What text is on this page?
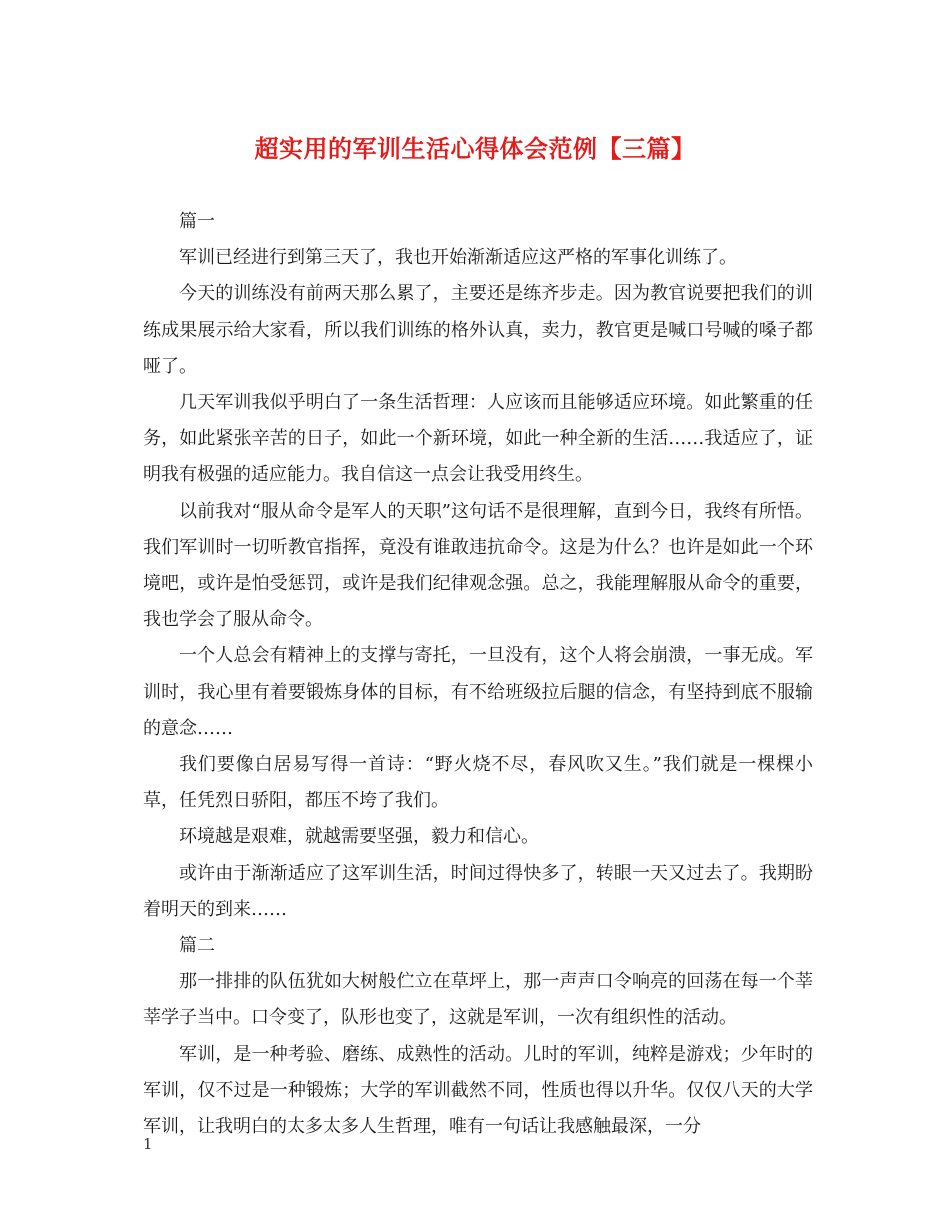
超实用的军训生活心得体会范例【三篇】

篇一

军训已经进行到第三天了，我也开始渐渐适应这严格的军事化训练了。

今天的训练没有前两天那么累了，主要还是练齐步走。因为教官说要把我们的训练成果展示给大家看，所以我们训练的格外认真，卖力，教官更是喊口号喊的嗓子都哑了。

几天军训我似乎明白了一条生活哲理：人应该而且能够适应环境。如此繁重的任务，如此紧张辛苦的日子，如此一个新环境，如此一种全新的生活……我适应了，证明我有极强的适应能力。我自信这一点会让我受用终生。

以前我对“服从命令是军人的天职”这句话不是很理解，直到今日，我终有所悟。我们军训时一切听教官指挥，竟没有谁敢违抗命令。这是为什么？也许是如此一个环境吧，或许是怕受惩罚，或许是我们纪律观念强。总之，我能理解服从命令的重要，我也学会了服从命令。

一个人总会有精神上的支撑与寄托，一旦没有，这个人将会崩溃，一事无成。军训时，我心里有着要锻炼身体的目标，有不给班级拉后腿的信念，有坚持到底不服输的意念……

我们要像白居易写得一首诗：“野火烧不尽，春风吹又生。”我们就是一棵棵小草，任凭烈日骄阳，都压不垮了我们。

环境越是艰难，就越需要坚强，毅力和信心。

或许由于渐渐适应了这军训生活，时间过得快多了，转眼一天又过去了。我期盼着明天的到来……

篇二

那一排排的队伍犹如大树般伫立在草坪上，那一声声口令响亮的回荡在每一个莘莘学子当中。口令变了，队形也变了，这就是军训，一次有组织性的活动。

军训，是一种考验、磨练、成熟性的活动。儿时的军训，纯粹是游戏；少年时的军训，仅不过是一种锻炼；大学的军训截然不同，性质也得以升华。仅仅八天的大学军训，让我明白的太多太多人生哲理，唯有一句话让我感触最深，一分

1
